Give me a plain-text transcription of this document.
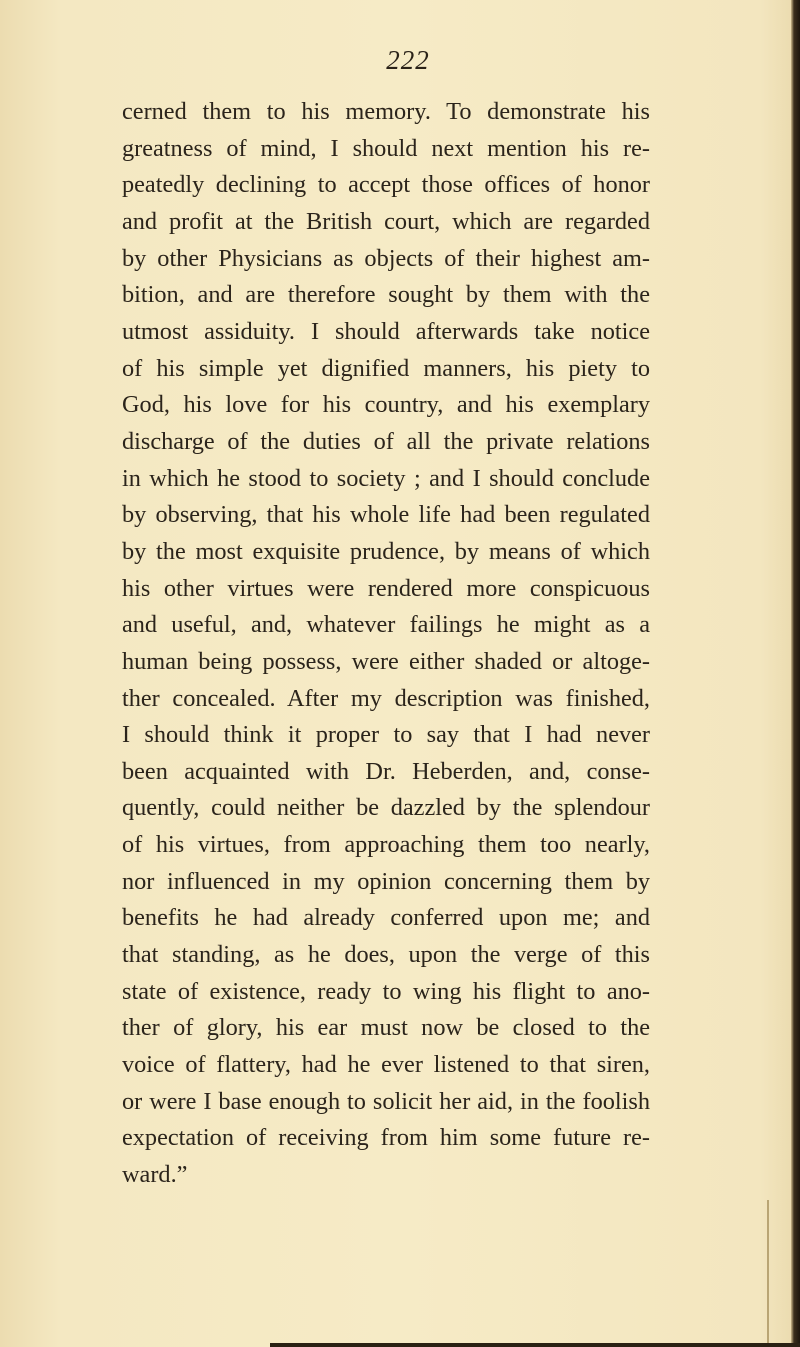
222
cerned them to his memory. To demonstrate his
greatness of mind, I should next mention his re-
peatedly declining to accept those offices of honor
and profit at the British court, which are regarded
by other Physicians as objects of their highest am-
bition, and are therefore sought by them with the
utmost assiduity. I should afterwards take notice
of his simple yet dignified manners, his piety to
God, his love for his country, and his exemplary
discharge of the duties of all the private relations
in which he stood to society ; and I should conclude
by observing, that his whole life had been regulated
by the most exquisite prudence, by means of which
his other virtues were rendered more conspicuous
and useful, and, whatever failings he might as a
human being possess, were either shaded or altoge-
ther concealed. After my description was finished,
I should think it proper to say that I had never
been acquainted with Dr. Heberden, and, conse-
quently, could neither be dazzled by the splendour
of his virtues, from approaching them too nearly,
nor influenced in my opinion concerning them by
benefits he had already conferred upon me; and
that standing, as he does, upon the verge of this
state of existence, ready to wing his flight to ano-
ther of glory, his ear must now be closed to the
voice of flattery, had he ever listened to that siren,
or were I base enough to solicit her aid, in the foolish
expectation of receiving from him some future re-
ward.”
